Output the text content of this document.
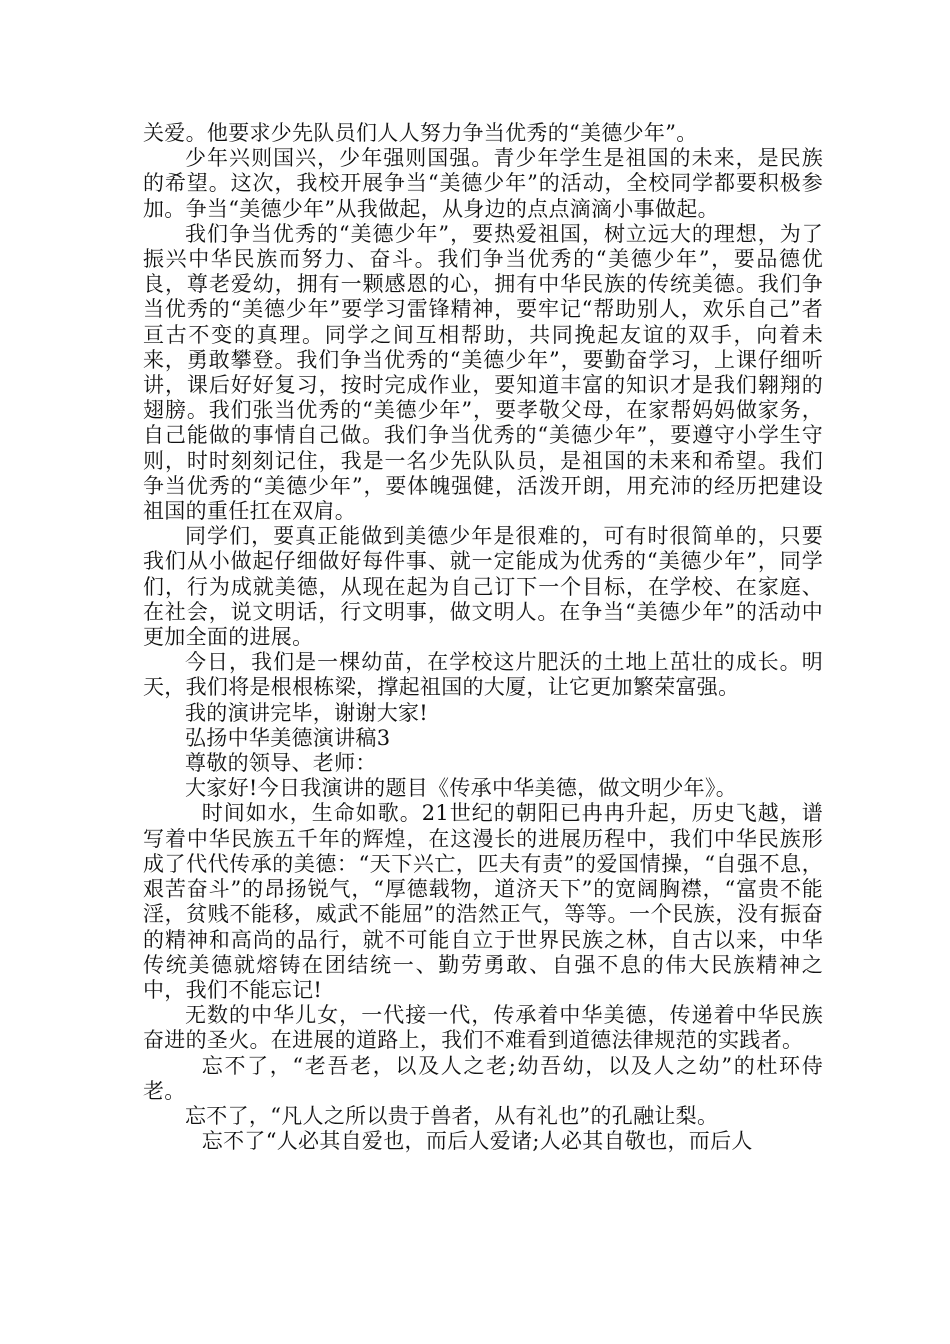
关爱。他要求少先队员们人人努力争当优秀的“美德少年”。

少年兴则国兴，少年强则国强。青少年学生是祖国的未来，是民族的希望。这次，我校开展争当“美德少年”的活动，全校同学都要积极参加。争当“美德少年”从我做起，从身边的点点滴滴小事做起。

我们争当优秀的“美德少年”，要热爱祖国，树立远大的理想，为了振兴中华民族而努力、奋斗。我们争当优秀的“美德少年”，要品德优良，尊老爱幼，拥有一颗感恩的心，拥有中华民族的传统美德。我们争当优秀的“美德少年”要学习雷锋精神，要牢记“帮助别人，欢乐自己”者亘古不变的真理。同学之间互相帮助，共同挽起友谊的双手，向着未来，勇敢攀登。我们争当优秀的“美德少年”，要勤奋学习，上课仔细听讲，课后好好复习，按时完成作业，要知道丰富的知识才是我们翱翔的翅膀。我们张当优秀的“美德少年”，要孝敬父母，在家帮妈妈做家务，自己能做的事情自己做。我们争当优秀的“美德少年”，要遵守小学生守则，时时刻刻记住，我是一名少先队队员，是祖国的未来和希望。我们争当优秀的“美德少年”，要体魄强健，活泼开朗，用充沛的经历把建设祖国的重任扛在双肩。

同学们，要真正能做到美德少年是很难的，可有时很简单的，只要我们从小做起仔细做好每件事、就一定能成为优秀的“美德少年”，同学们，行为成就美德，从现在起为自己订下一个目标，在学校、在家庭、在社会，说文明话，行文明事，做文明人。在争当“美德少年”的活动中更加全面的进展。

今日，我们是一棵幼苗，在学校这片肥沃的土地上茁壮的成长。明天，我们将是根根栋梁，撑起祖国的大厦，让它更加繁荣富强。

我的演讲完毕，谢谢大家!

弘扬中华美德演讲稿3

尊敬的领导、老师：

大家好!今日我演讲的题目《传承中华美德，做文明少年》。

时间如水，生命如歌。21世纪的朝阳已冉冉升起，历史飞越，谱写着中华民族五千年的辉煌，在这漫长的进展历程中，我们中华民族形成了代代传承的美德：“天下兴亡，匹夫有责”的爱国情操，“自强不息，艰苦奋斗”的昂扬锐气，“厚德载物，道济天下”的宽阔胸襟，“富贵不能淫，贫贱不能移，威武不能屈”的浩然正气，等等。一个民族，没有振奋的精神和高尚的品行，就不可能自立于世界民族之林，自古以来，中华传统美德就熔铸在团结统一、勤劳勇敢、自强不息的伟大民族精神之中，我们不能忘记!

无数的中华儿女，一代接一代，传承着中华美德，传递着中华民族奋进的圣火。在进展的道路上，我们不难看到道德法律规范的实践者。

忘不了，“老吾老，以及人之老;幼吾幼，以及人之幼”的杜环侍老。

忘不了，“凡人之所以贵于兽者，从有礼也”的孔融让梨。

忘不了“人必其自爱也，而后人爱诸;人必其自敬也，而后人
